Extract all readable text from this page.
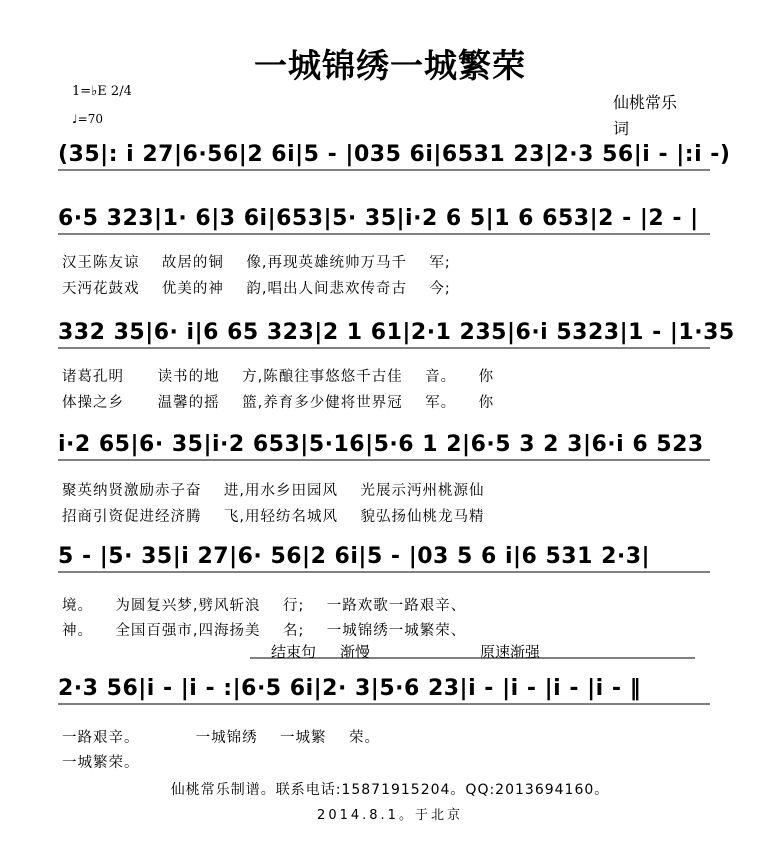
一城锦绣一城繁荣
1=♭E 2/4
♩=70
仙桃常乐
词
(35|: i 27|6·56|2 6i|5 - |035 6i|6531 23|2·3 56|i - |:i -)
6·5 323|1· 6|3 6i|653|5· 35|i·2 6 5|1 6 653|2 - |2 - |
汉王陈友谅    故居的铜    像,再现英雄统帅万马千    军;
天沔花鼓戏    优美的神    韵,唱出人间悲欢传奇古    今;
332 35|6· i|6 65 323|2 1 61|2·1 235|6·i 5323|1 - |1·35
诸葛孔明      读书的地    方,陈酿往事悠悠千古佳    音。    你
体操之乡      温馨的摇    篮,养育多少健将世界冠    军。    你
i·2 65|6· 35|i·2 653|5·16|5·6 1 2|6·5 3 2 3|6·i 6 523
聚英纳贤激励赤子奋    进,用水乡田园风    光展示沔州桃源仙
招商引资促进经济腾    飞,用轻纺名城风    貌弘扬仙桃龙马精
5 - |5· 35|i 27|6· 56|2 6i|5 - |03 5 6 i|6 531 2·3|
境。    为圆复兴梦,劈风斩浪    行;    一路欢歌一路艰辛、
神。    全国百强市,四海扬美    名;    一城锦绣一城繁荣、
结束句 渐慢	原速渐强
2·3 56|i - |i - :|6·5 6i|2· 3|5·6 23|i - |i - |i - |i - ‖
一路艰辛。          一城锦绣    一城繁    荣。
一城繁荣。
仙桃常乐制谱。联系电话:15871915204。QQ:2013694160。
2014.8.1。于北京
